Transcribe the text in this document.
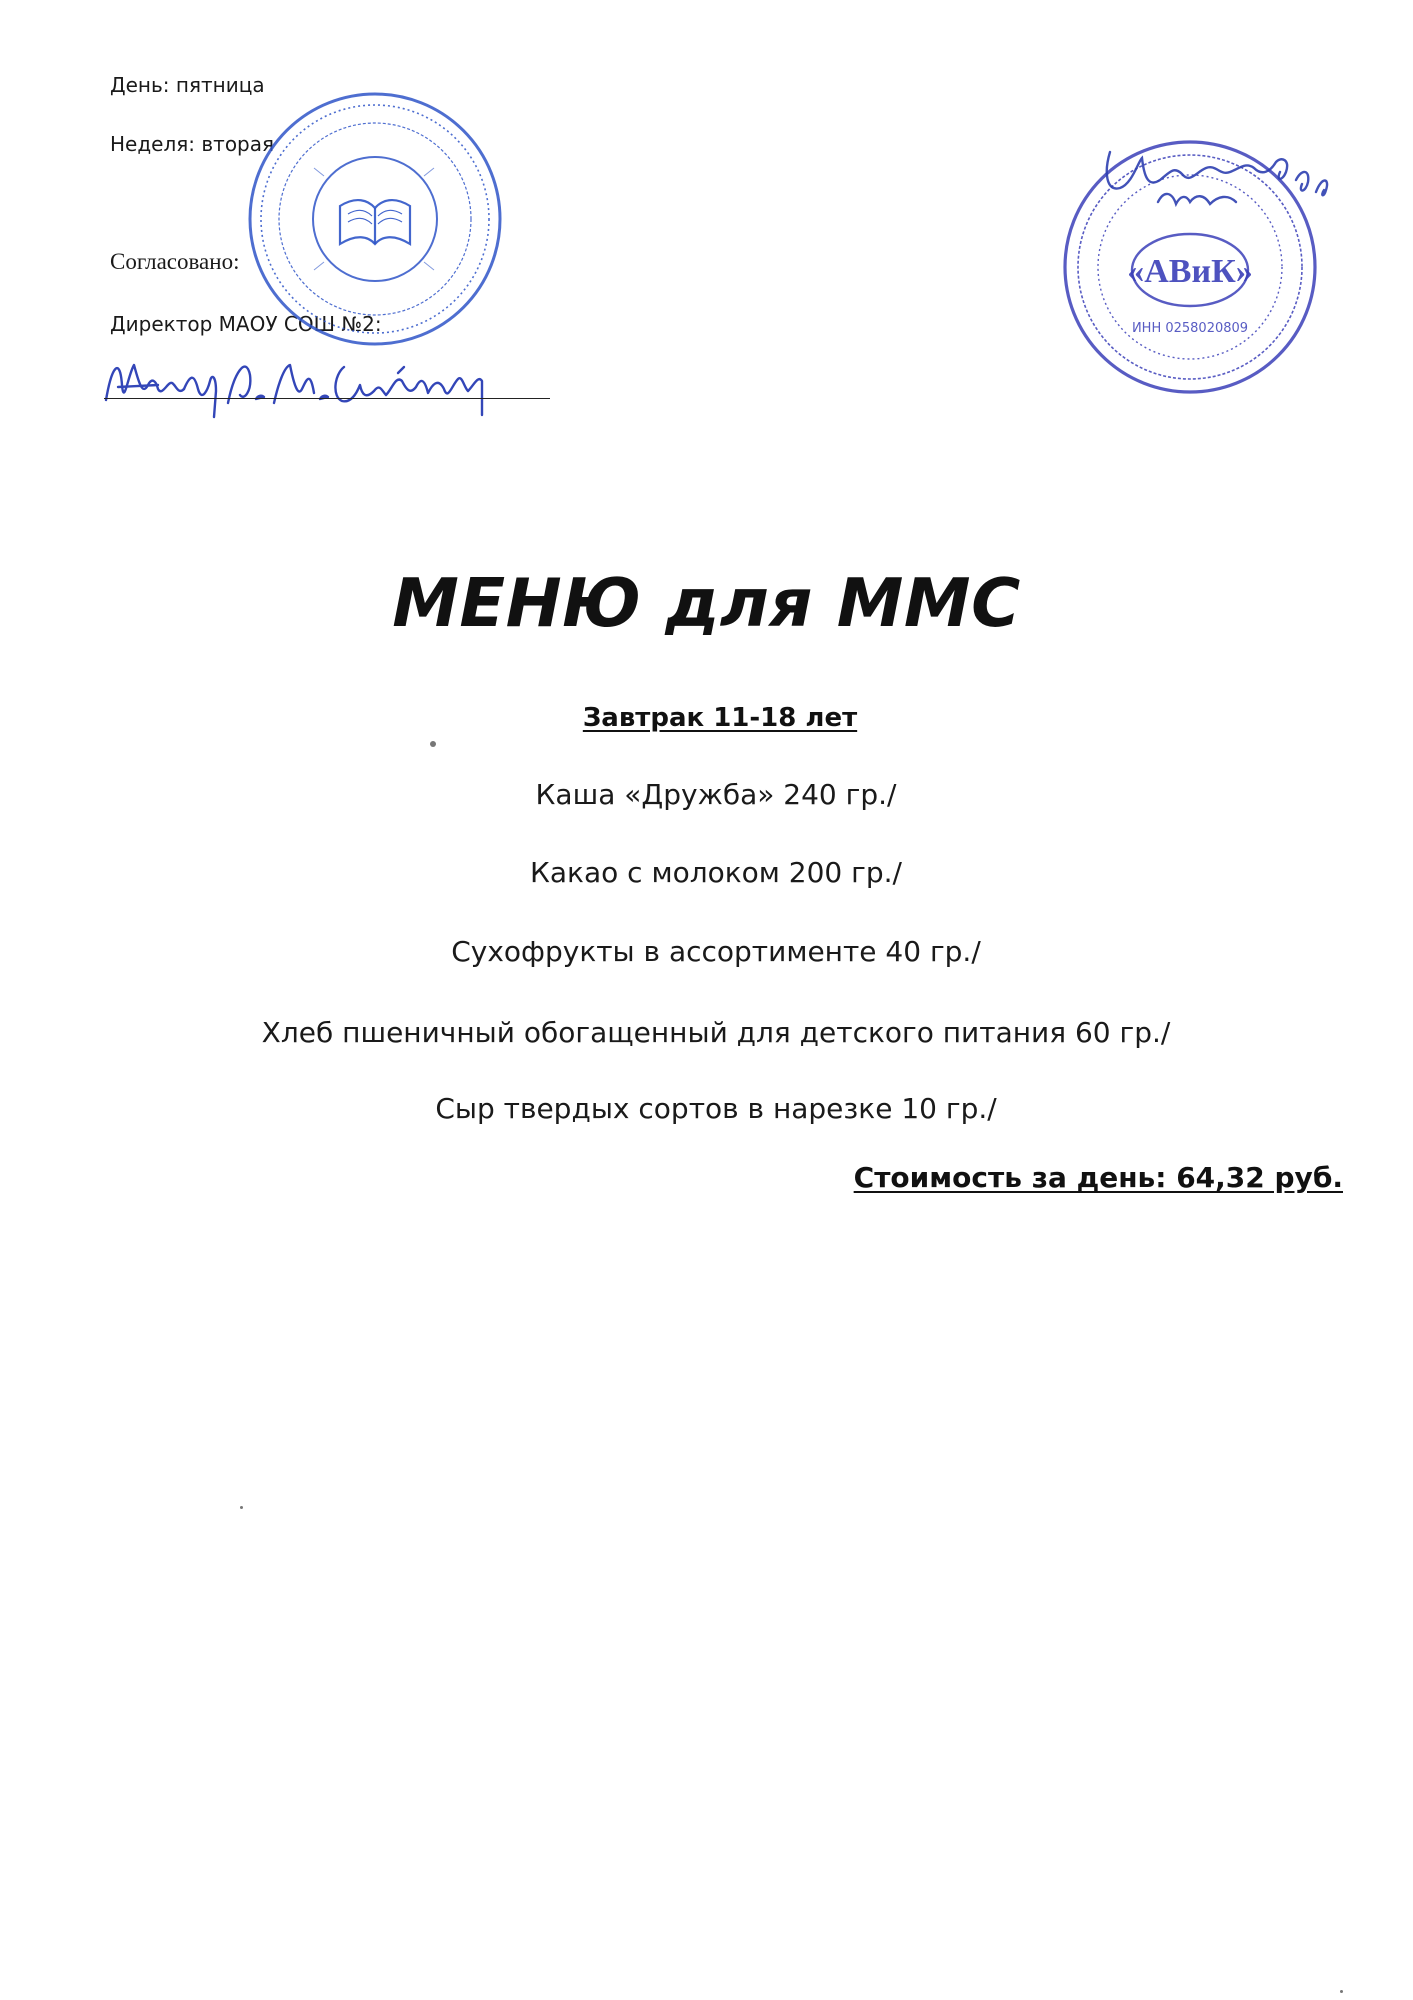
День: пятница
Неделя: вторая
Согласовано:
Директор МАОУ СОШ №2:
«АВиК»
ИНН 0258020809
МЕНЮ для ММС
Завтрак 11-18 лет
Каша «Дружба» 240 гр./
Какао с молоком 200 гр./
Сухофрукты в ассортименте 40 гр./
Хлеб пшеничный обогащенный для детского питания 60 гр./
Сыр твердых сортов в нарезке 10 гр./
Стоимость за день: 64,32 руб.
